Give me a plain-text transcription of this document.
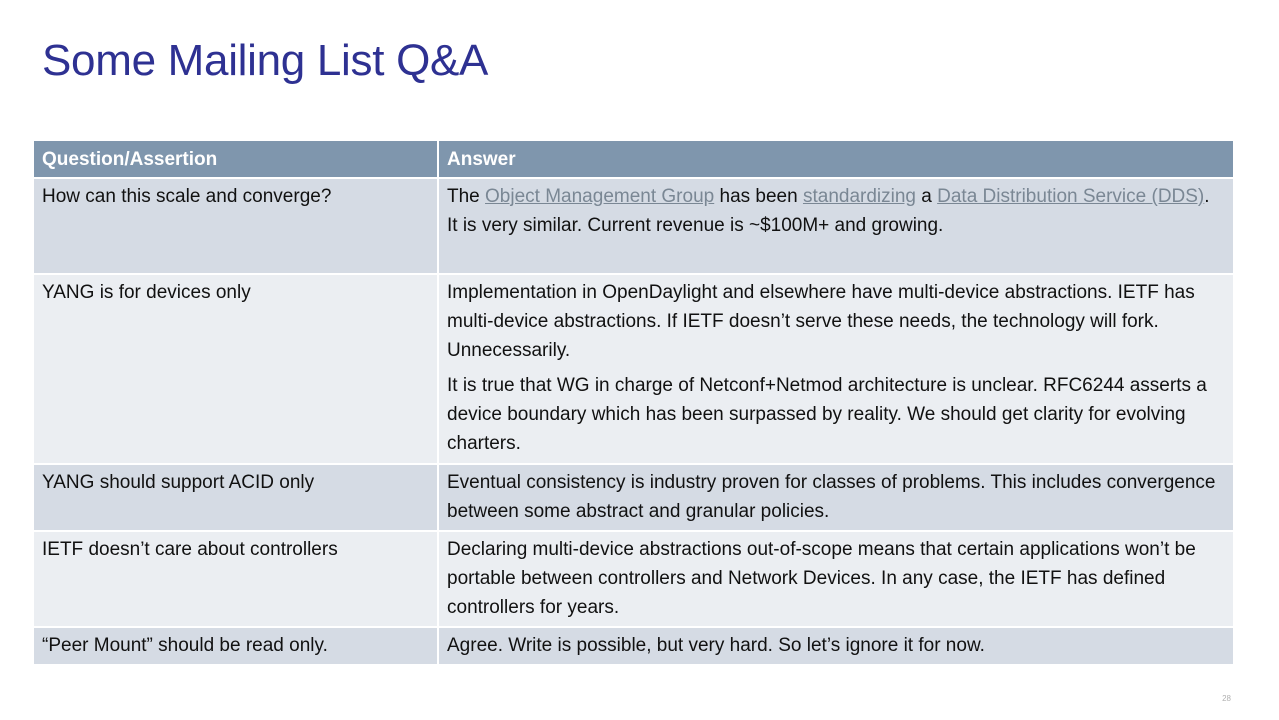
Some Mailing List Q&A
Question/Assertion	Answer
How can this scale and converge?	The Object Management Group has been standardizing a Data Distribution Service (DDS). It is very similar. Current revenue is ~$100M+ and growing.
YANG is for devices only	Implementation in OpenDaylight and elsewhere have multi-device abstractions. IETF has multi-device abstractions. If IETF doesn’t serve these needs, the technology will fork. Unnecessarily.

It is true that WG in charge of Netconf+Netmod architecture is unclear. RFC6244 asserts a device boundary which has been surpassed by reality. We should get clarity for evolving charters.

YANG should support ACID only	Eventual consistency is industry proven for classes of problems. This includes convergence between some abstract and granular policies.
IETF doesn’t care about controllers	Declaring multi-device abstractions out-of-scope means that certain applications won’t be portable between controllers and Network Devices. In any case, the IETF has defined controllers for years.
“Peer Mount” should be read only.	Agree. Write is possible, but very hard. So let’s ignore it for now.
28
